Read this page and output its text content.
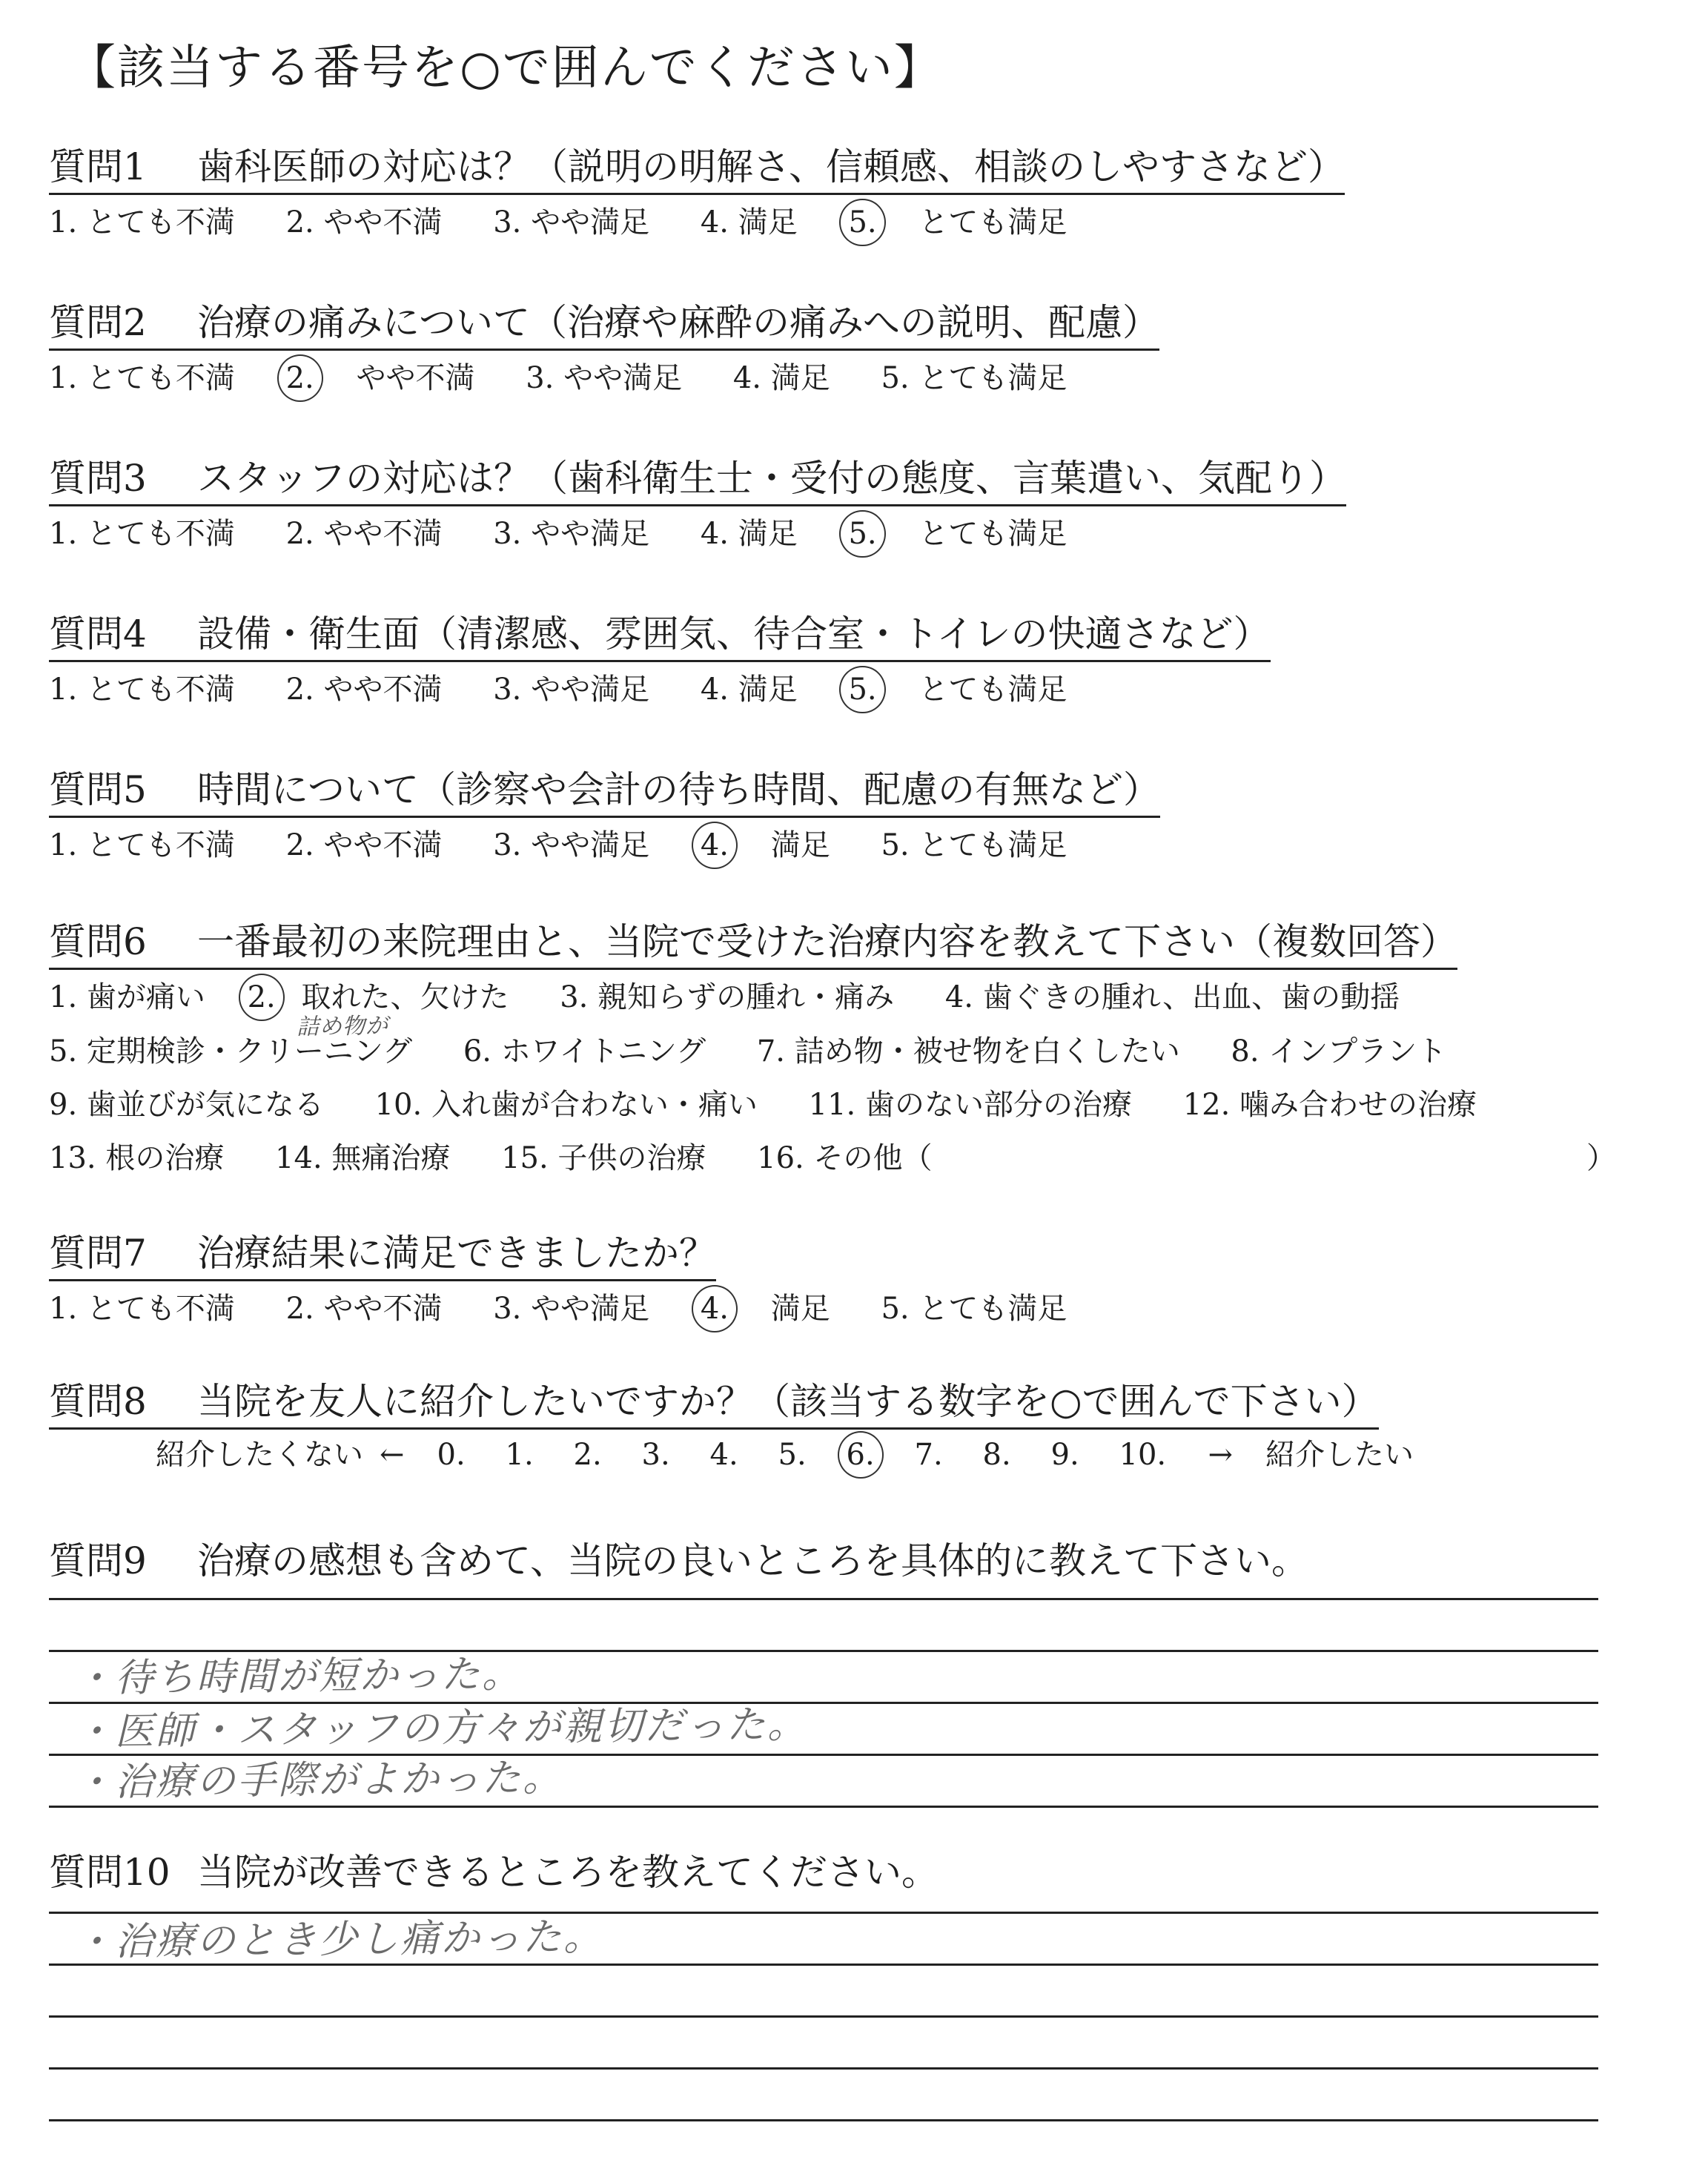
【該当する番号を○で囲んでください】
質問1 歯科医師の対応は？（説明の明解さ、信頼感、相談のしやすさなど）
1. とても不満 2. やや不満 3. やや満足 4. 満足 5. とても満足
質問2 治療の痛みについて（治療や麻酔の痛みへの説明、配慮）
1. とても不満 2. やや不満 3. やや満足 4. 満足 5. とても満足
質問3 スタッフの対応は？（歯科衛生士・受付の態度、言葉遣い、気配り）
1. とても不満 2. やや不満 3. やや満足 4. 満足 5. とても満足
質問4 設備・衛生面（清潔感、雰囲気、待合室・トイレの快適さなど）
1. とても不満 2. やや不満 3. やや満足 4. 満足 5. とても満足
質問5 時間について（診察や会計の待ち時間、配慮の有無など）
1. とても不満 2. やや不満 3. やや満足 4. 満足 5. とても満足
質問6 一番最初の来院理由と、当院で受けた治療内容を教えて下さい（複数回答）
1. 歯が痛い 2. 取れた、欠けた 3. 親知らずの腫れ・痛み 4. 歯ぐきの腫れ、出血、歯の動揺
詰め物が
5. 定期検診・クリーニング 6. ホワイトニング 7. 詰め物・被せ物を白くしたい 8. インプラント
9. 歯並びが気になる 10. 入れ歯が合わない・痛い 11. 歯のない部分の治療 12. 噛み合わせの治療
13. 根の治療 14. 無痛治療 15. 子供の治療 16. その他（	）
質問7 治療結果に満足できましたか？
1. とても不満 2. やや不満 3. やや満足 4. 満足 5. とても満足
質問8 当院を友人に紹介したいですか？（該当する数字を○で囲んで下さい）
紹介したくない ← 0. 1. 2. 3. 4. 5. 6. 7. 8. 9. 10. → 紹介したい
質問9 治療の感想も含めて、当院の良いところを具体的に教えて下さい。
・待ち時間が短かった。
・医師・スタッフの方々が親切だった。
・治療の手際がよかった。
質問10 当院が改善できるところを教えてください。
・治療のとき少し痛かった。
